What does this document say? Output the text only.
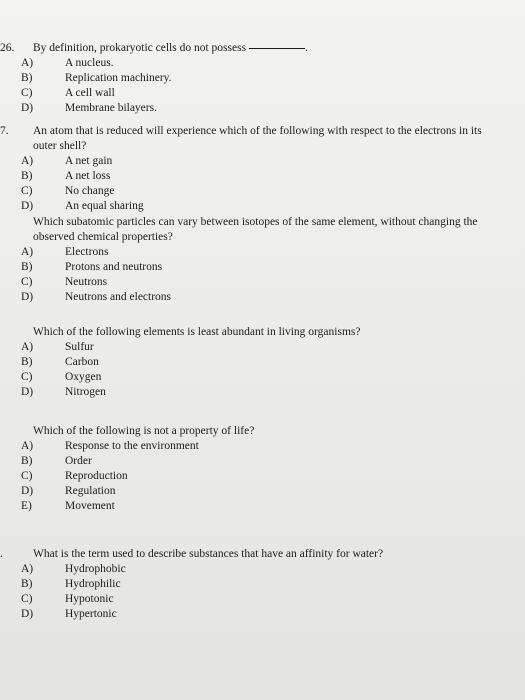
26. By definition, prokaryotic cells do not possess	.
A)	A nucleus.
B)	Replication machinery.
C)	A cell wall
D)	Membrane bilayers.
7.	An atom that is reduced will experience which of the following with respect to the electrons in its outer shell?
A)	A net gain
B)	A net loss
C)	No change
D)	An equal sharing
Which subatomic particles can vary between isotopes of the same element, without changing the observed chemical properties?
A)	Electrons
B)	Protons and neutrons
C)	Neutrons
D)	Neutrons and electrons
Which of the following elements is least abundant in living organisms?
A)	Sulfur
B)	Carbon
C)	Oxygen
D)	Nitrogen
Which of the following is not a property of life?
A)	Response to the environment
B)	Order
C)	Reproduction
D)	Regulation
E)	Movement
.	What is the term used to describe substances that have an affinity for water?
A)	Hydrophobic
B)	Hydrophilic
C)	Hypotonic
D)	Hypertonic
